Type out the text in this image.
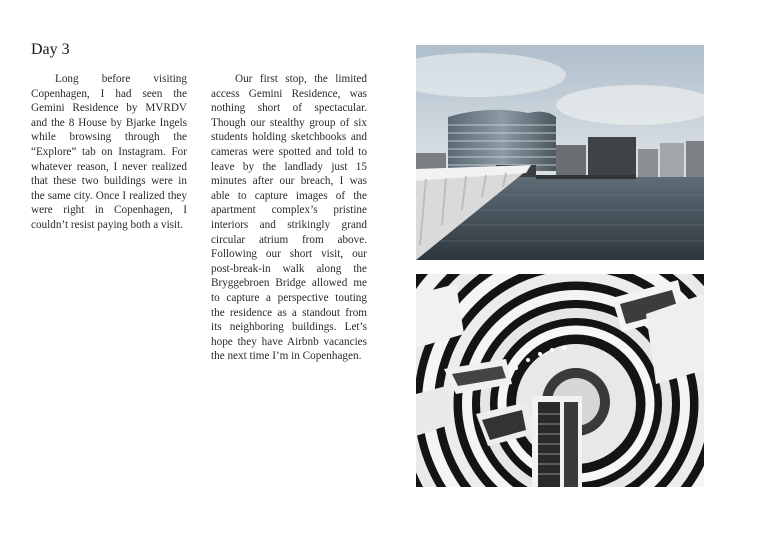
Day 3

Long before visiting Copenhagen, I had seen the Gemini Residence by MVRDV and the 8 House by Bjarke Ingels while browsing through the “Explore” tab on Instagram. For whatever reason, I never realized that these two buildings were in the same city. Once I realized they were right in Copenhagen, I couldn’t resist paying both a visit.

Our first stop, the limited access Gemini Residence, was nothing short of spectacular. Though our stealthy group of six students holding sketchbooks and cameras were spotted and told to leave by the landlady just 15 minutes after our breach, I was able to capture images of the apartment complex’s pristine interiors and strikingly grand circular atrium from above. Following our short visit, our post-break-in walk along the Bryggebroen Bridge allowed me to capture a perspective touting the residence as a standout from its neighboring buildings. Let’s hope they have Airbnb vacancies the next time I’m in Copenhagen.
